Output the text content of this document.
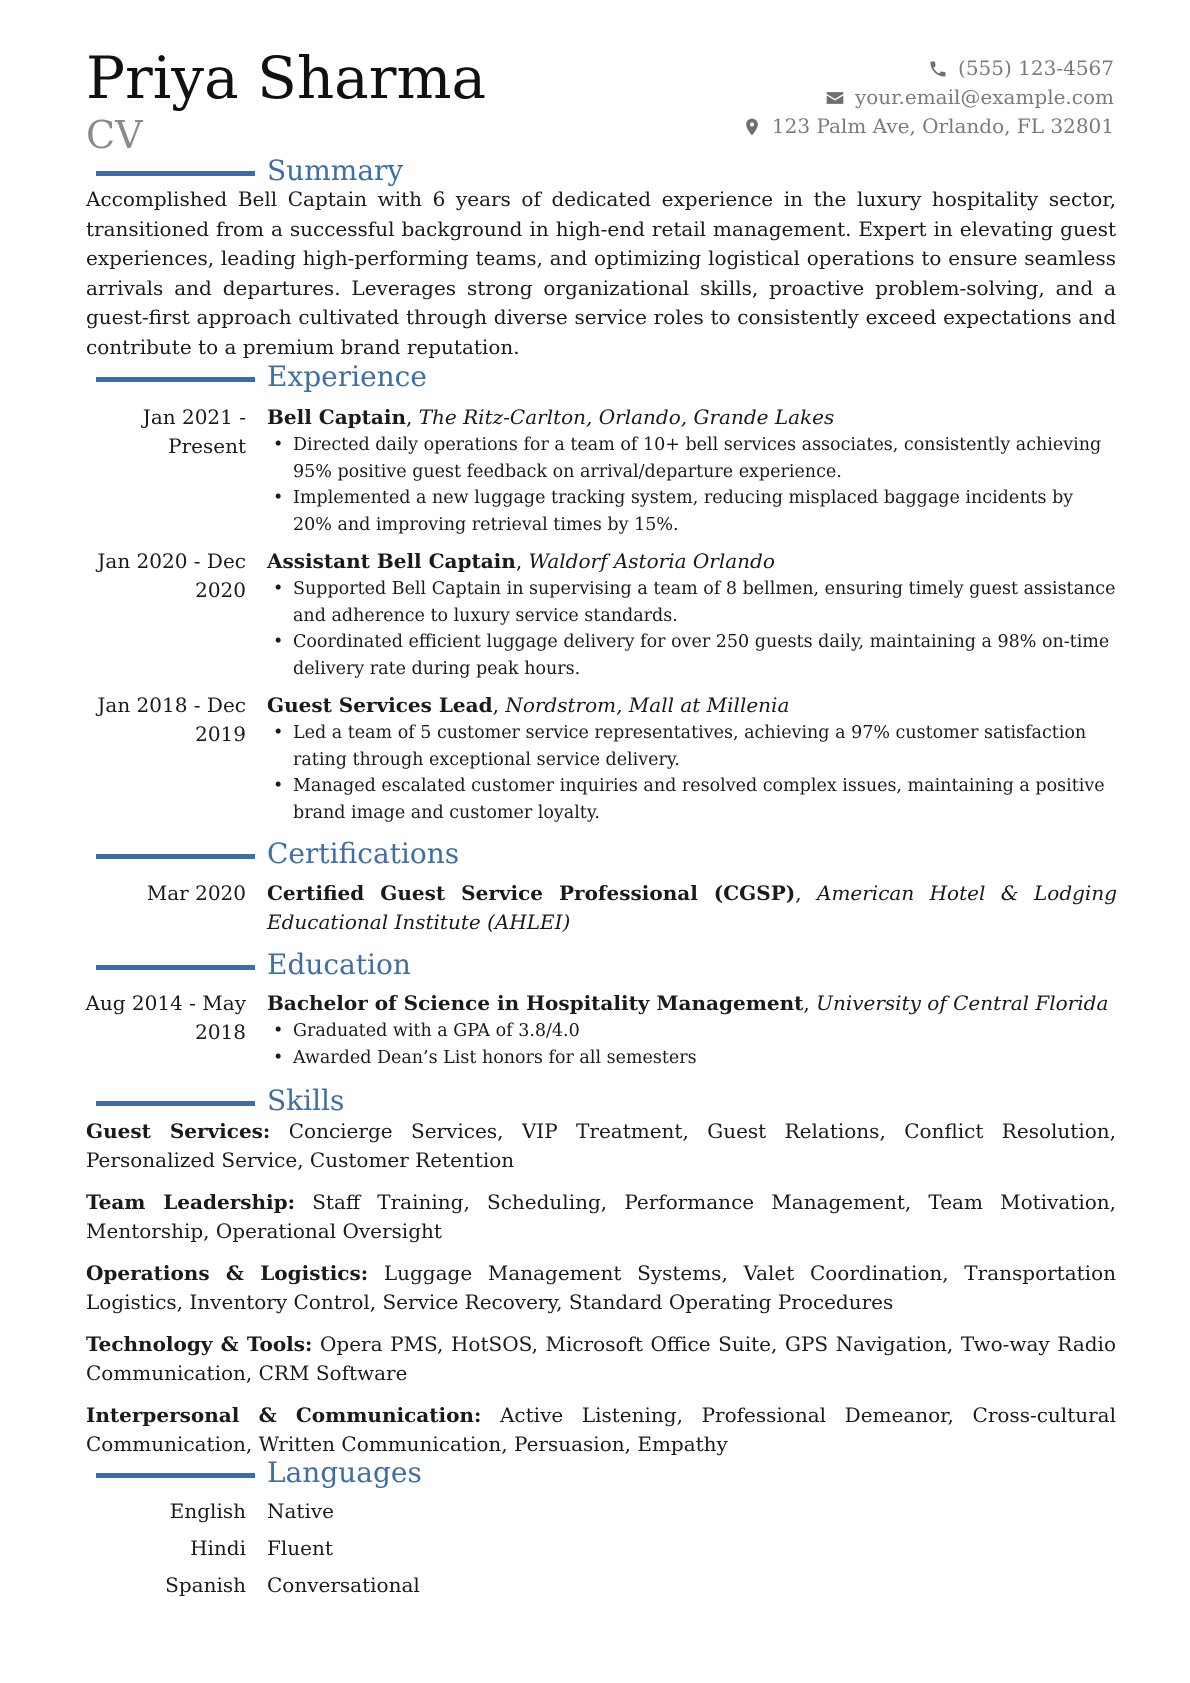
Priya Sharma
CV
(555) 123-4567
your.email@example.com
123 Palm Ave, Orlando, FL 32801
Summary
Accomplished Bell Captain with 6 years of dedicated experience in the luxury hospitality sector, transitioned from a successful background in high-end retail management. Expert in elevating guest experiences, leading high-performing teams, and optimizing logistical operations to ensure seamless arrivals and departures. Leverages strong organizational skills, proactive problem-solving, and a guest-first approach cultivated through diverse service roles to consistently exceed expectations and contribute to a premium brand reputation.
Experience
Jan 2021 - Present
Bell Captain, The Ritz-Carlton, Orlando, Grande Lakes
• Directed daily operations for a team of 10+ bell services associates, consistently achieving 95% positive guest feedback on arrival/departure experience.
• Implemented a new luggage tracking system, reducing misplaced baggage incidents by 20% and improving retrieval times by 15%.
Jan 2020 - Dec 2020
Assistant Bell Captain, Waldorf Astoria Orlando
• Supported Bell Captain in supervising a team of 8 bellmen, ensuring timely guest assistance and adherence to luxury service standards.
• Coordinated efficient luggage delivery for over 250 guests daily, maintaining a 98% on-time delivery rate during peak hours.
Jan 2018 - Dec 2019
Guest Services Lead, Nordstrom, Mall at Millenia
• Led a team of 5 customer service representatives, achieving a 97% customer satisfaction rating through exceptional service delivery.
• Managed escalated customer inquiries and resolved complex issues, maintaining a positive brand image and customer loyalty.
Certifications
Mar 2020 Certified Guest Service Professional (CGSP), American Hotel & Lodging Educational Institute (AHLEI)
Education
Aug 2014 - May 2018
Bachelor of Science in Hospitality Management, University of Central Florida
• Graduated with a GPA of 3.8/4.0
• Awarded Dean’s List honors for all semesters
Skills
Guest Services: Concierge Services, VIP Treatment, Guest Relations, Conflict Resolution, Personalized Service, Customer Retention
Team Leadership: Staff Training, Scheduling, Performance Management, Team Motivation, Mentorship, Operational Oversight
Operations & Logistics: Luggage Management Systems, Valet Coordination, Transportation Logistics, Inventory Control, Service Recovery, Standard Operating Procedures
Technology & Tools: Opera PMS, HotSOS, Microsoft Office Suite, GPS Navigation, Two-way Radio Communication, CRM Software
Interpersonal & Communication: Active Listening, Professional Demeanor, Cross-cultural Communication, Written Communication, Persuasion, Empathy
Languages
English Native
Hindi Fluent
Spanish Conversational
